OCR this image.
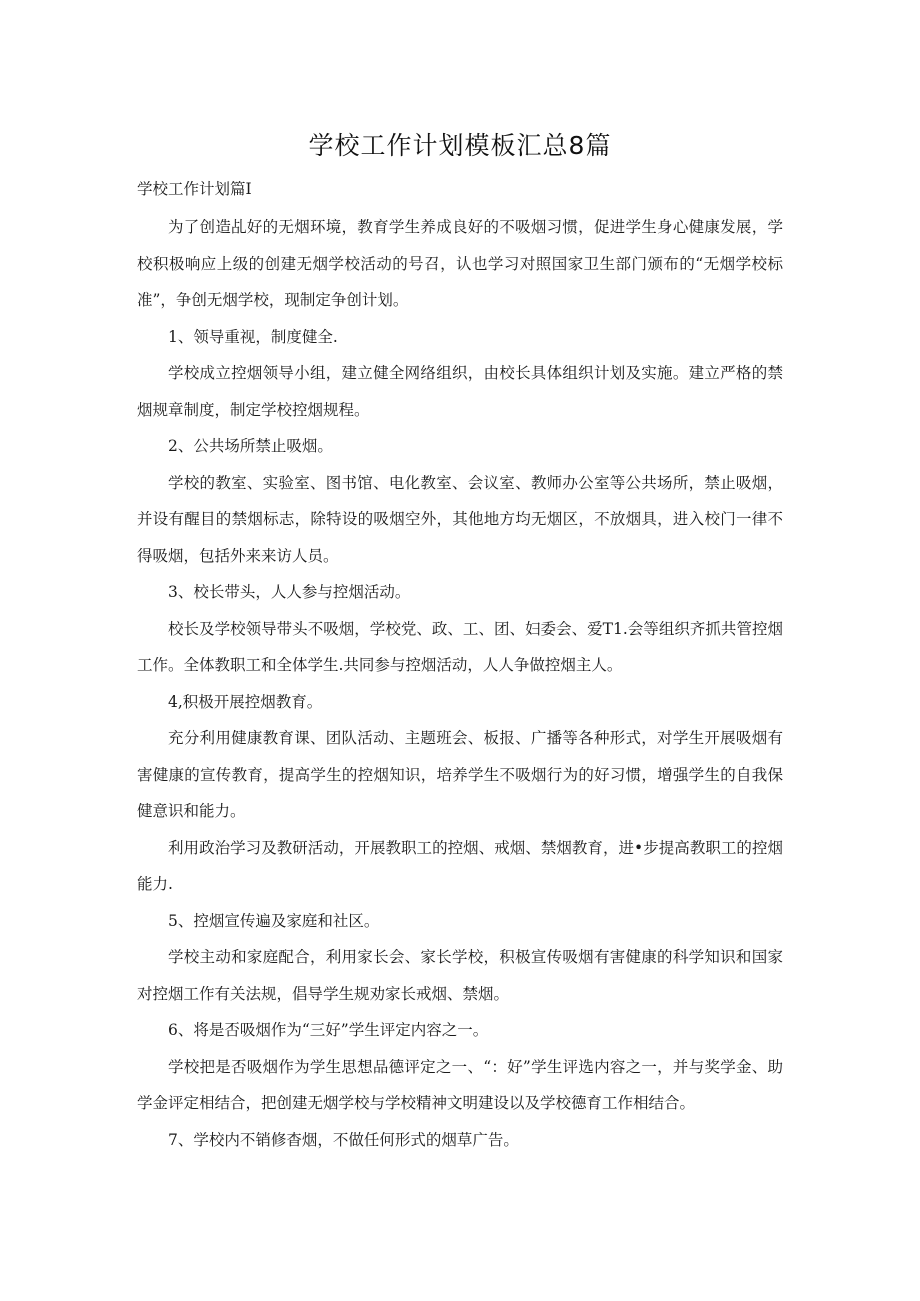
学校工作计划模板汇总8篇
学校工作计划篇Ⅰ

为了创造乩好的无烟环境，教育学生养成良好的不吸烟习惯，促进学生身心健康发展，学校积极响应上级的创建无烟学校活动的号召，认也学习对照国家卫生部门颁布的“无烟学校标准”，争创无烟学校，现制定争创计划。

1、领导重视，制度健全.

学校成立控烟领导小组，建立健全网络组织，由校长具体组织计划及实施。建立严格的禁烟规章制度，制定学校控烟规程。

2、公共场所禁止吸烟。

学校的教室、实验室、图书馆、电化教室、会议室、教师办公室等公共场所，禁止吸烟，并设有醒目的禁烟标志，除特设的吸烟空外，其他地方均无烟区，不放烟具，进入校门一律不得吸烟，包括外来来访人员。

3、校长带头，人人参与控烟活动。

校长及学校领导带头不吸烟，学校党、政、工、团、妇委会、爱T1.会等组织齐抓共管控烟工作。全体教职工和全体学生.共同参与控烟活动，人人争做控烟主人。

4,积极开展控烟教育。

充分利用健康教育课、团队活动、主题班会、板报、广播等各种形式，对学生开展吸烟有害健康的宣传教育，提高学生的控烟知识，培养学生不吸烟行为的好习惯，增强学生的自我保健意识和能力。

利用政治学习及教研活动，开展教职工的控烟、戒烟、禁烟教育，进•步提高教职工的控烟能力.

5、控烟宣传遍及家庭和社区。

学校主动和家庭配合，利用家长会、家长学校，积极宣传吸烟有害健康的科学知识和国家对控烟工作有关法规，倡导学生规劝家长戒烟、禁烟。

6、将是否吸烟作为“三好”学生评定内容之一。

学校把是否吸烟作为学生思想品德评定之一、“：好”学生评选内容之一，并与奖学金、助学金评定相结合，把创建无烟学校与学校精神文明建设以及学校德育工作相结合。

7、学校内不销修杳烟，不做任何形式的烟草广告。
